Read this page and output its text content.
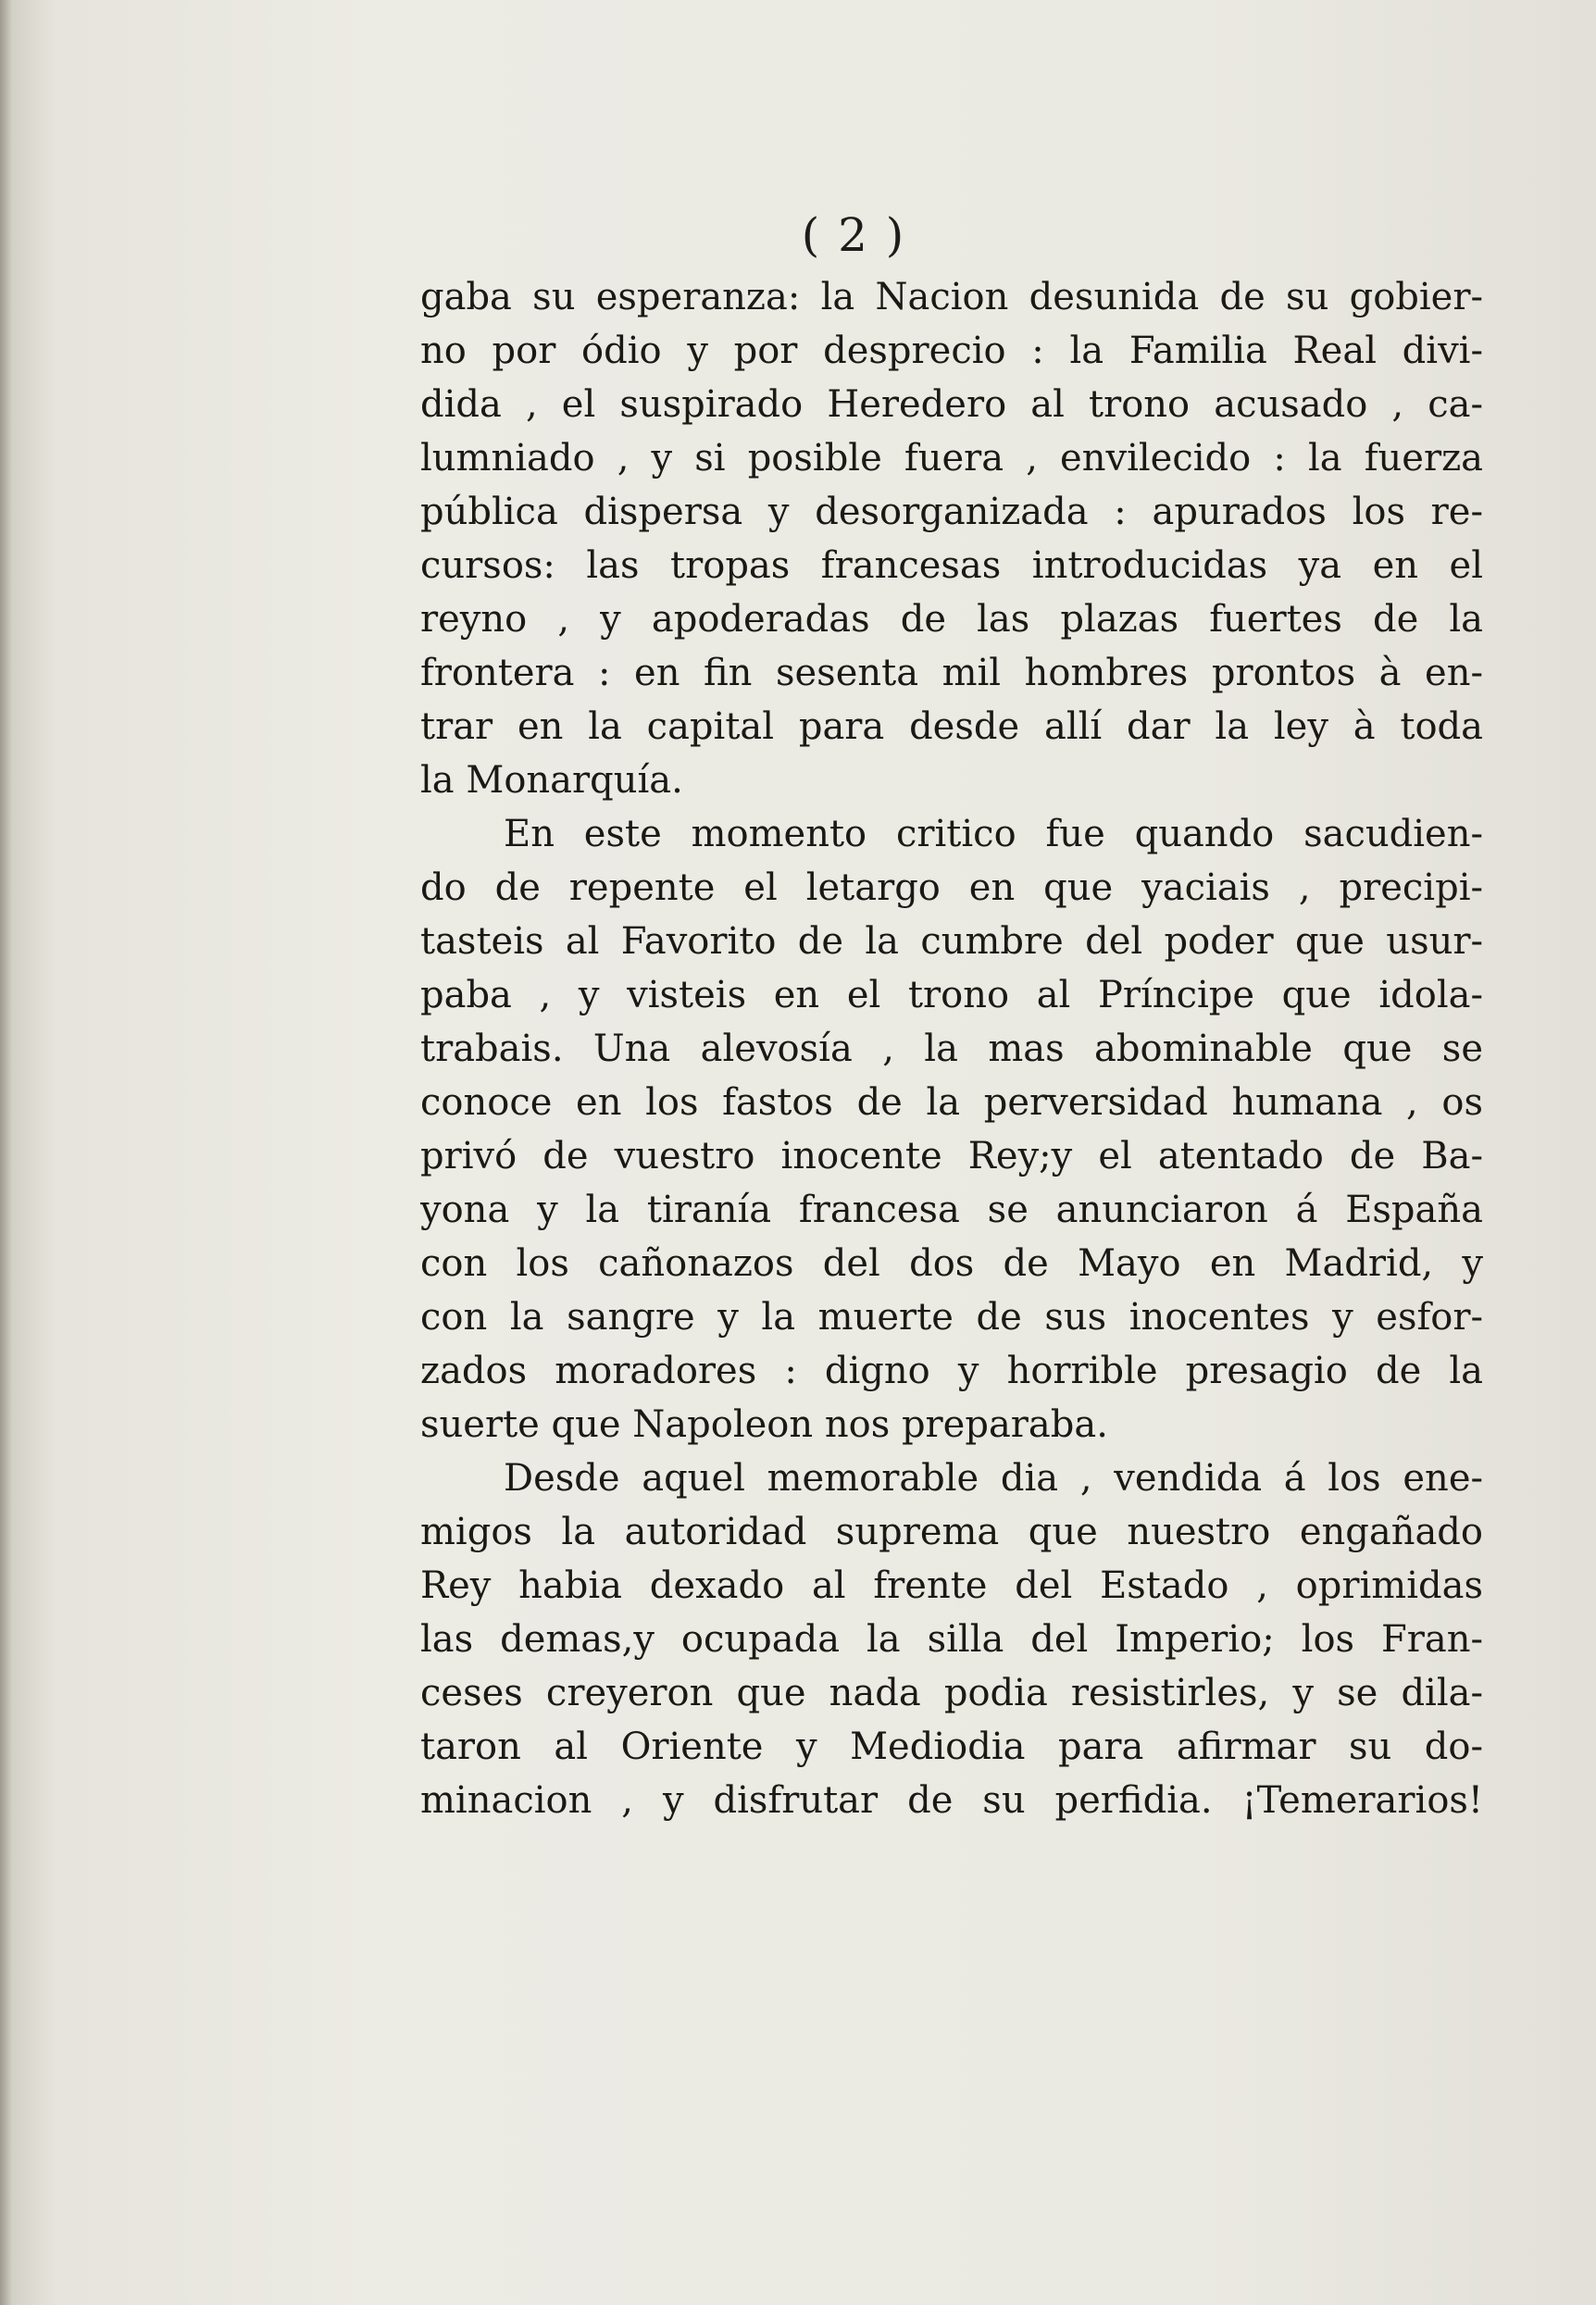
( 2 )
gaba su esperanza: la Nacion desunida de su gobier-
no por ódio y por desprecio : la Familia Real divi-
dida , el suspirado Heredero al trono acusado , ca-
lumniado , y si posible fuera , envilecido : la fuerza
pública dispersa y desorganizada : apurados los re-
cursos: las tropas francesas introducidas ya en el
reyno , y apoderadas de las plazas fuertes de la
frontera : en fin sesenta mil hombres prontos à en-
trar en la capital para desde allí dar la ley à toda
la Monarquía.
En este momento critico fue quando sacudien-
do de repente el letargo en que yaciais , precipi-
tasteis al Favorito de la cumbre del poder que usur-
paba , y visteis en el trono al Príncipe que idola-
trabais. Una alevosía , la mas abominable que se
conoce en los fastos de la perversidad humana , os
privó de vuestro inocente Rey;y el atentado de Ba-
yona y la tiranía francesa se anunciaron á España
con los cañonazos del dos de Mayo en Madrid, y
con la sangre y la muerte de sus inocentes y esfor-
zados moradores : digno y horrible presagio de la
suerte que Napoleon nos preparaba.
Desde aquel memorable dia , vendida á los ene-
migos la autoridad suprema que nuestro engañado
Rey habia dexado al frente del Estado , oprimidas
las demas,y ocupada la silla del Imperio; los Fran-
ceses creyeron que nada podia resistirles, y se dila-
taron al Oriente y Mediodia para afirmar su do-
minacion , y disfrutar de su perfidia. ¡Temerarios!
